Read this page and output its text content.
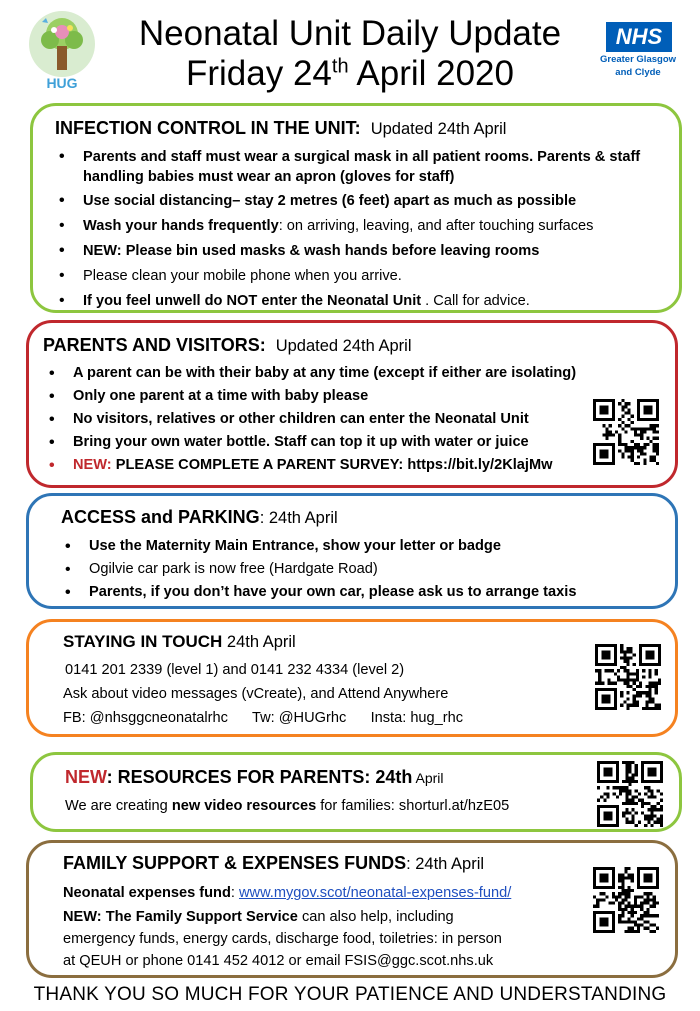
HUG
Neonatal Unit Daily Update
Friday 24th April 2020
NHS
Greater Glasgow
and Clyde
INFECTION CONTROL IN THE UNIT: Updated 24th April
• Parents and staff must wear a surgical mask in all patient rooms. Parents & staff handling babies must wear an apron (gloves for staff)
• Use social distancing– stay 2 metres (6 feet) apart as much as possible
• Wash your hands frequently: on arriving, leaving, and after touching surfaces
• NEW: Please bin used masks & wash hands before leaving rooms
• Please clean your mobile phone when you arrive.
• If you feel unwell do NOT enter the Neonatal Unit . Call for advice.
PARENTS AND VISITORS: Updated 24th April
• A parent can be with their baby at any time (except if either are isolating)
• Only one parent at a time with baby please
• No visitors, relatives or other children can enter the Neonatal Unit
• Bring your own water bottle. Staff can top it up with water or juice
• NEW: PLEASE COMPLETE A PARENT SURVEY: https://bit.ly/2KlajMw
ACCESS and PARKING: 24th April
• Use the Maternity Main Entrance, show your letter or badge
• Ogilvie car park is now free (Hardgate Road)
• Parents, if you don’t have your own car, please ask us to arrange taxis
STAYING IN TOUCH 24th April
0141 201 2339 (level 1) and 0141 232 4334 (level 2)
Ask about video messages (vCreate), and Attend Anywhere
FB: @nhsggcneonatalrhc      Tw: @HUGrhc      Insta: hug_rhc
NEW: RESOURCES FOR PARENTS: 24th April
We are creating new video resources for families: shorturl.at/hzE05
FAMILY SUPPORT & EXPENSES FUNDS: 24th April
Neonatal expenses fund: www.mygov.scot/neonatal-expenses-fund/
NEW: The Family Support Service can also help, including
emergency funds, energy cards, discharge food, toiletries: in person
at QEUH or phone 0141 452 4012 or email FSIS@ggc.scot.nhs.uk
THANK YOU SO MUCH FOR YOUR PATIENCE AND UNDERSTANDING
